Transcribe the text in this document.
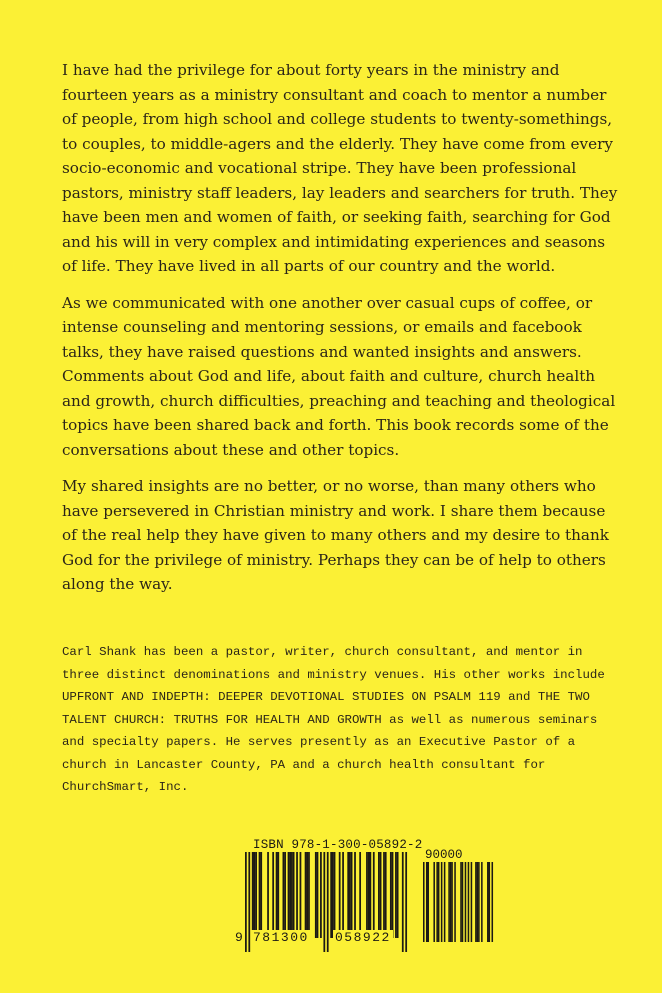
I have had the privilege for about forty years in the ministry and fourteen years as a ministry consultant and coach to mentor a number of people, from high school and college students to twenty-somethings, to couples, to middle-agers and the elderly. They have come from every socio-economic and vocational stripe. They have been professional pastors, ministry staff leaders, lay leaders and searchers for truth. They have been men and women of faith, or seeking faith, searching for God and his will in very complex and intimidating experiences and seasons of life. They have lived in all parts of our country and the world.

As we communicated with one another over casual cups of coffee, or intense counseling and mentoring sessions, or emails and facebook talks, they have raised questions and wanted insights and answers. Comments about God and life, about faith and culture, church health and growth, church difficulties, preaching and teaching and theological topics have been shared back and forth. This book records some of the conversations about these and other topics.

My shared insights are no better, or no worse, than many others who have persevered in Christian ministry and work. I share them because of the real help they have given to many others and my desire to thank God for the privilege of ministry. Perhaps they can be of help to others along the way.

Carl Shank has been a pastor, writer, church consultant, and mentor in three distinct denominations and ministry venues. His other works include UPFRONT AND INDEPTH: DEEPER DEVOTIONAL STUDIES ON PSALM 119 and THE TWO TALENT CHURCH: TRUTHS FOR HEALTH AND GROWTH as well as numerous seminars and specialty papers. He serves presently as an Executive Pastor of a church in Lancaster County, PA and a church health consultant for ChurchSmart, Inc.

ISBN 978-1-300-05892-2
90000
9 781300 058922
